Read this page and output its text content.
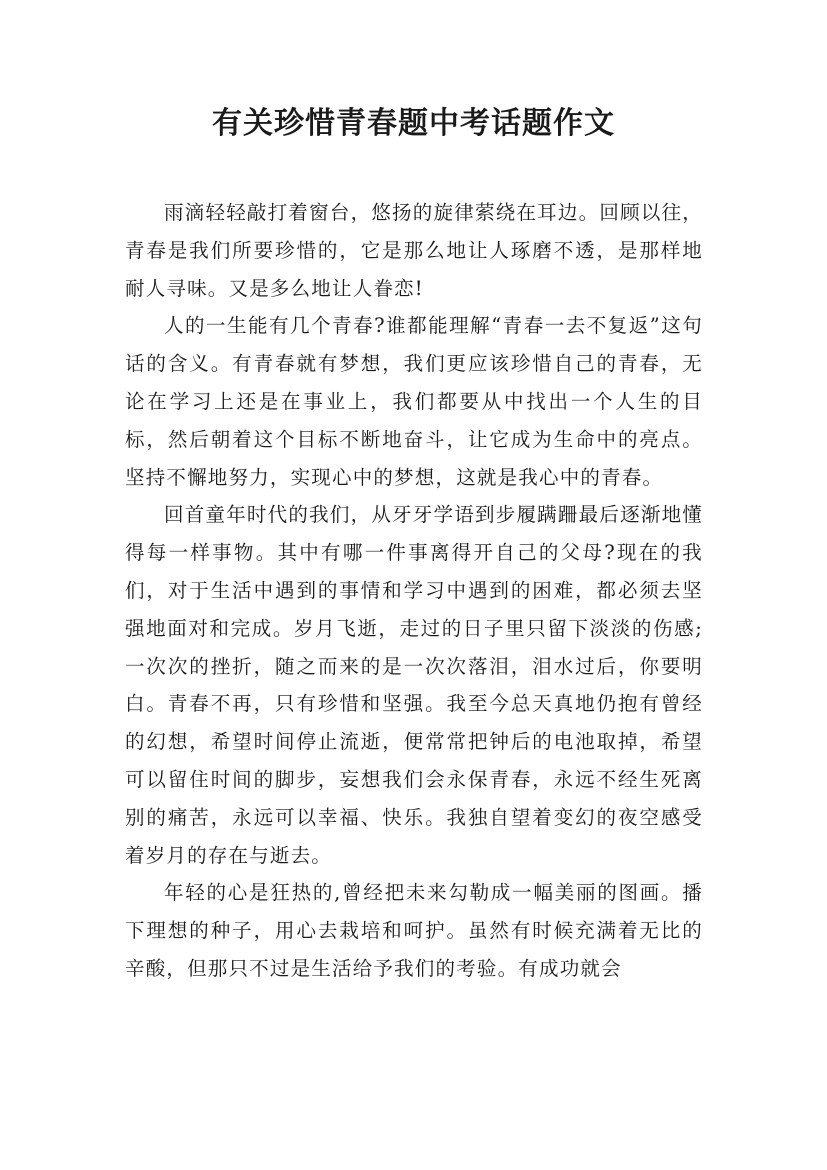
有关珍惜青春题中考话题作文

雨滴轻轻敲打着窗台，悠扬的旋律萦绕在耳边。回顾以往，青春是我们所要珍惜的，它是那么地让人琢磨不透，是那样地耐人寻味。又是多么地让人眷恋!

人的一生能有几个青春?谁都能理解“青春一去不复返”这句话的含义。有青春就有梦想，我们更应该珍惜自己的青春，无论在学习上还是在事业上，我们都要从中找出一个人生的目标，然后朝着这个目标不断地奋斗，让它成为生命中的亮点。坚持不懈地努力，实现心中的梦想，这就是我心中的青春。

回首童年时代的我们，从牙牙学语到步履蹒跚最后逐渐地懂得每一样事物。其中有哪一件事离得开自己的父母?现在的我们，对于生活中遇到的事情和学习中遇到的困难，都必须去坚强地面对和完成。岁月飞逝，走过的日子里只留下淡淡的伤感;一次次的挫折，随之而来的是一次次落泪，泪水过后，你要明白。青春不再，只有珍惜和坚强。我至今总天真地仍抱有曾经的幻想，希望时间停止流逝，便常常把钟后的电池取掉，希望可以留住时间的脚步，妄想我们会永保青春，永远不经生死离别的痛苦，永远可以幸福、快乐。我独自望着变幻的夜空感受着岁月的存在与逝去。

年轻的心是狂热的,曾经把未来勾勒成一幅美丽的图画。播下理想的种子，用心去栽培和呵护。虽然有时候充满着无比的辛酸，但那只不过是生活给予我们的考验。有成功就会
